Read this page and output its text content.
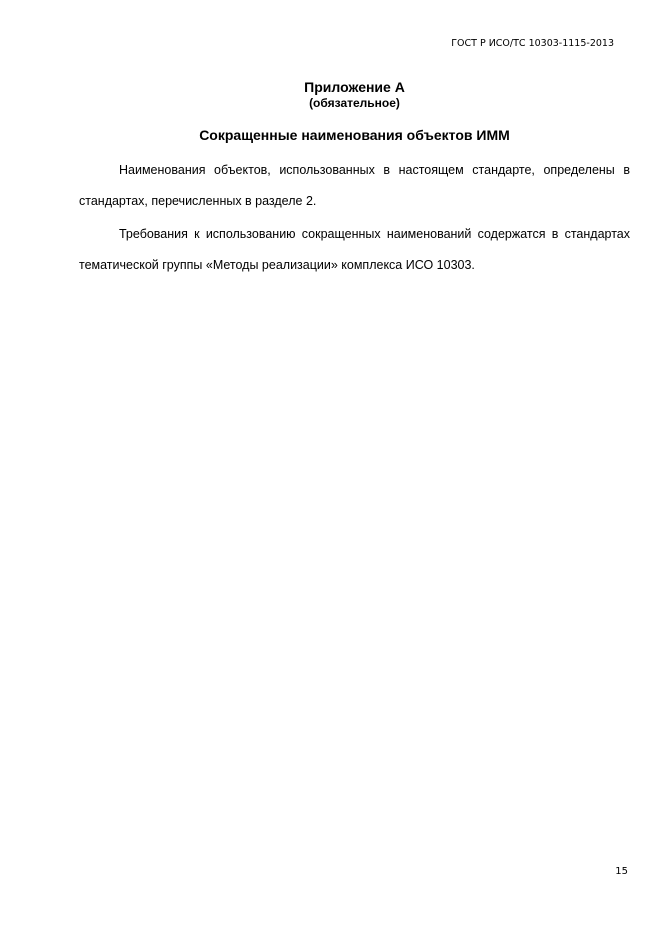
ГОСТ Р ИСО/ТС 10303-1115-2013
Приложение А
(обязательное)
Сокращенные наименования объектов ИММ

Наименования объектов, использованных в настоящем стандарте, определены в стандартах, перечисленных в разделе 2.

Требования к использованию сокращенных наименований содержатся в стандартах тематической группы «Методы реализации» комплекса ИСО 10303.

15
